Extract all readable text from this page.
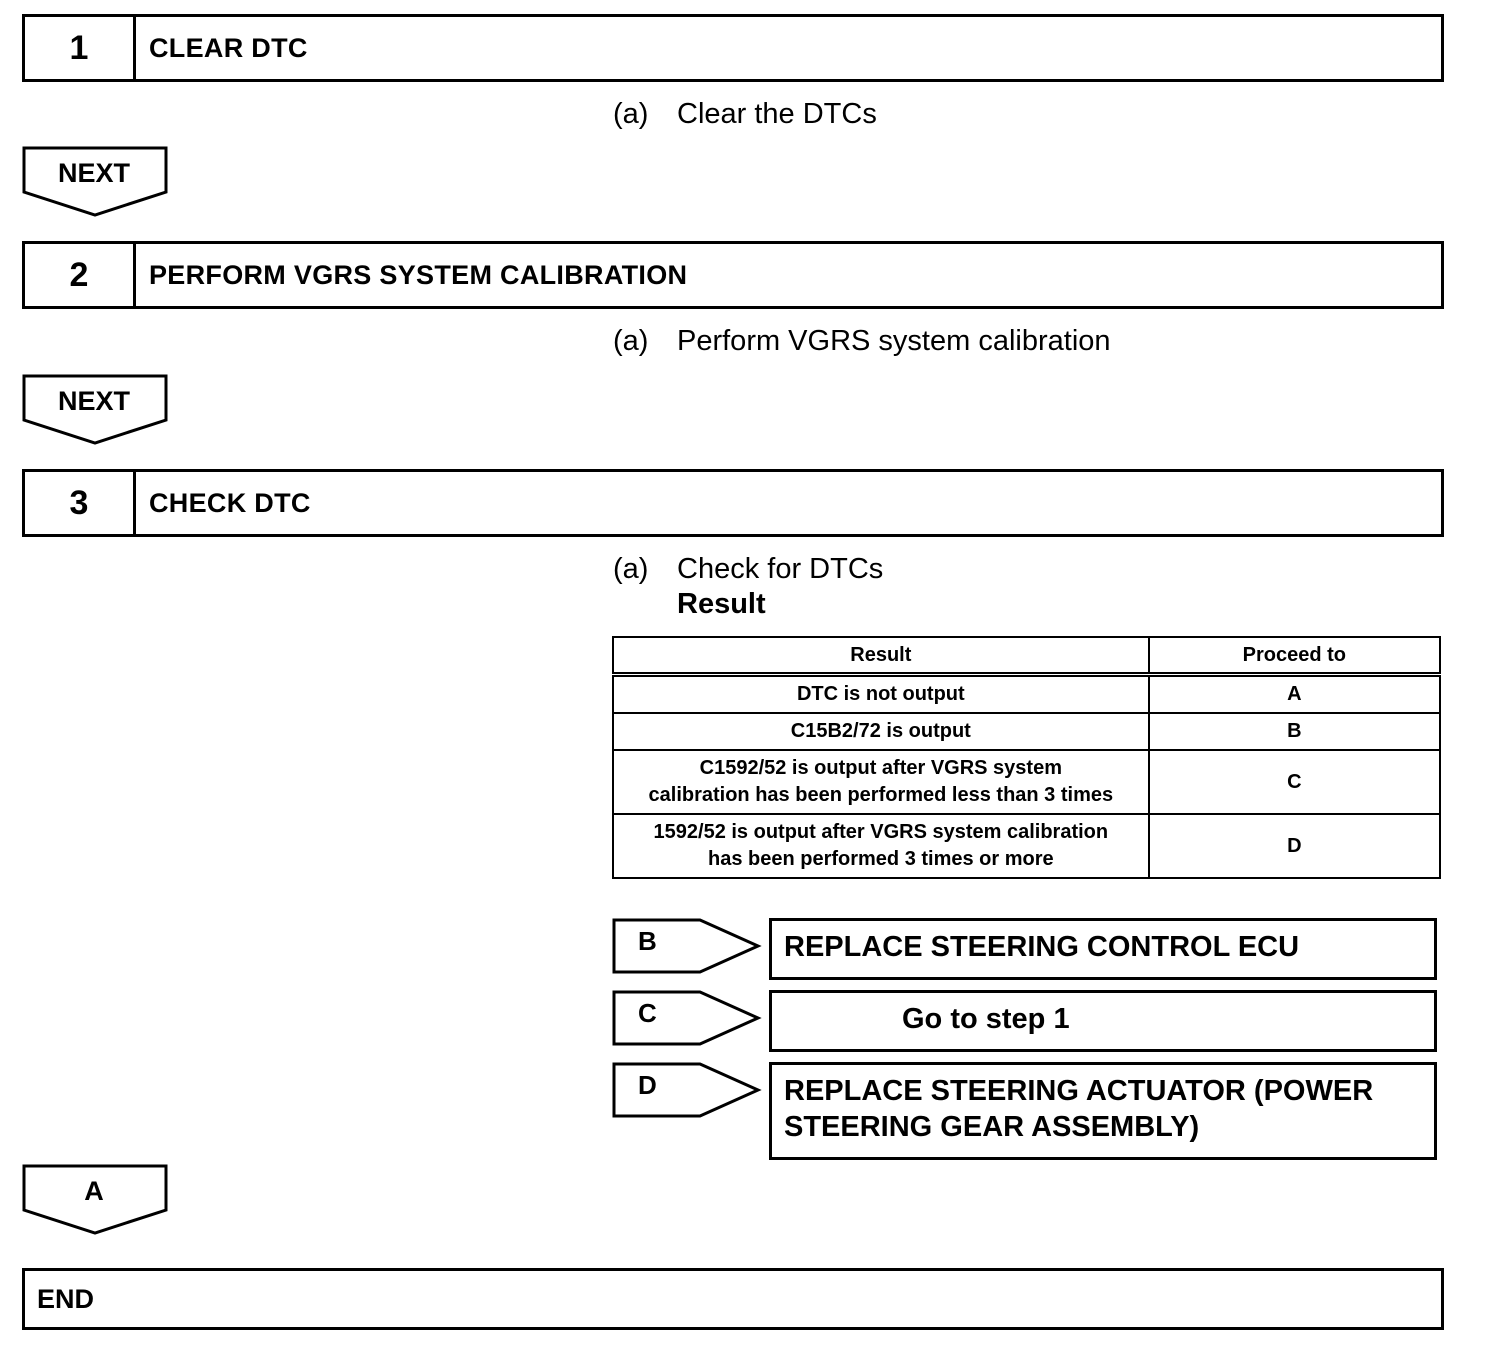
1	CLEAR DTC
(a) Clear the DTCs
NEXT
2	PERFORM VGRS SYSTEM CALIBRATION
(a) Perform VGRS system calibration
NEXT
3	CHECK DTC
(a) Check for DTCs
Result
Result	Proceed to
DTC is not output	A
C15B2/72 is output	B

C1592/52 is output after VGRS system
calibration has been performed less than 3 times	C

1592/52 is output after VGRS system calibration
has been performed 3 times or more	D
B	REPLACE STEERING CONTROL ECU
C	Go to step 1
D	REPLACE STEERING ACTUATOR (POWER
STEERING GEAR ASSEMBLY)
A
END
